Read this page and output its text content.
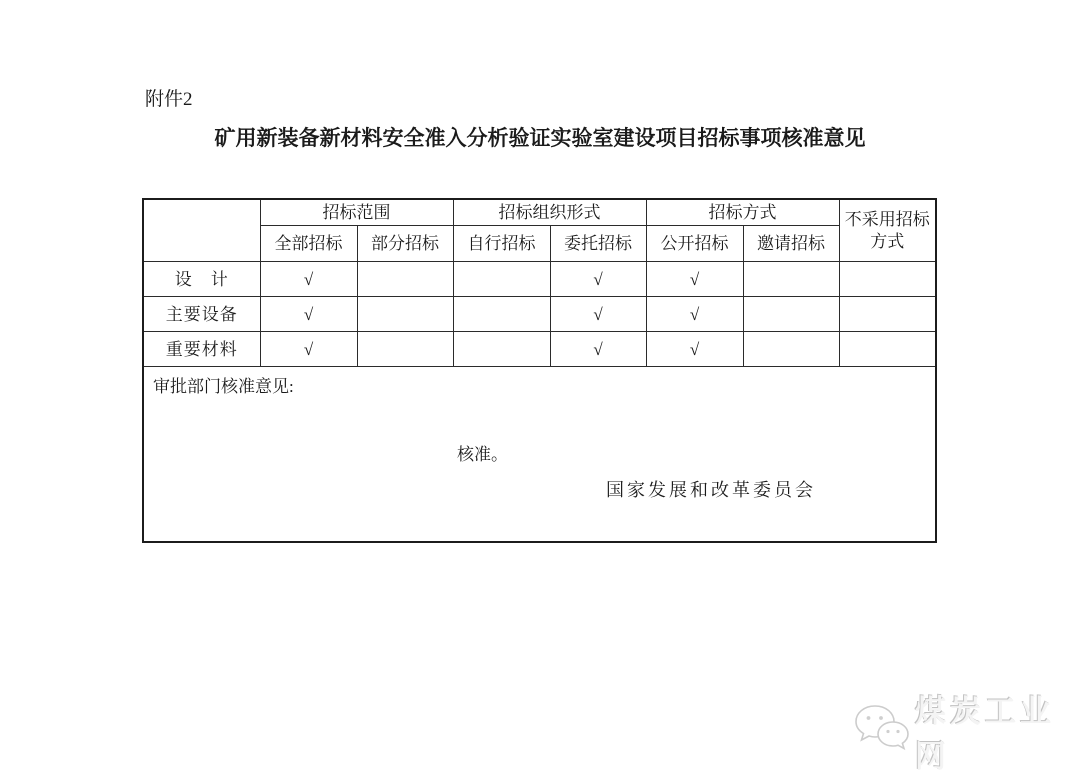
附件2
矿用新装备新材料安全准入分析验证实验室建设项目招标事项核准意见
	招标范围		招标组织形式		招标方式		不采用招标方式
	全部招标	部分招标	自行招标	委托招标	公开招标	邀请招标	
设　计	√			√	√		
主要设备	√			√	√		
重要材料	√			√	√		

审批部门核准意见:
核准。
国家发展和改革委员会							
煤炭工业网
